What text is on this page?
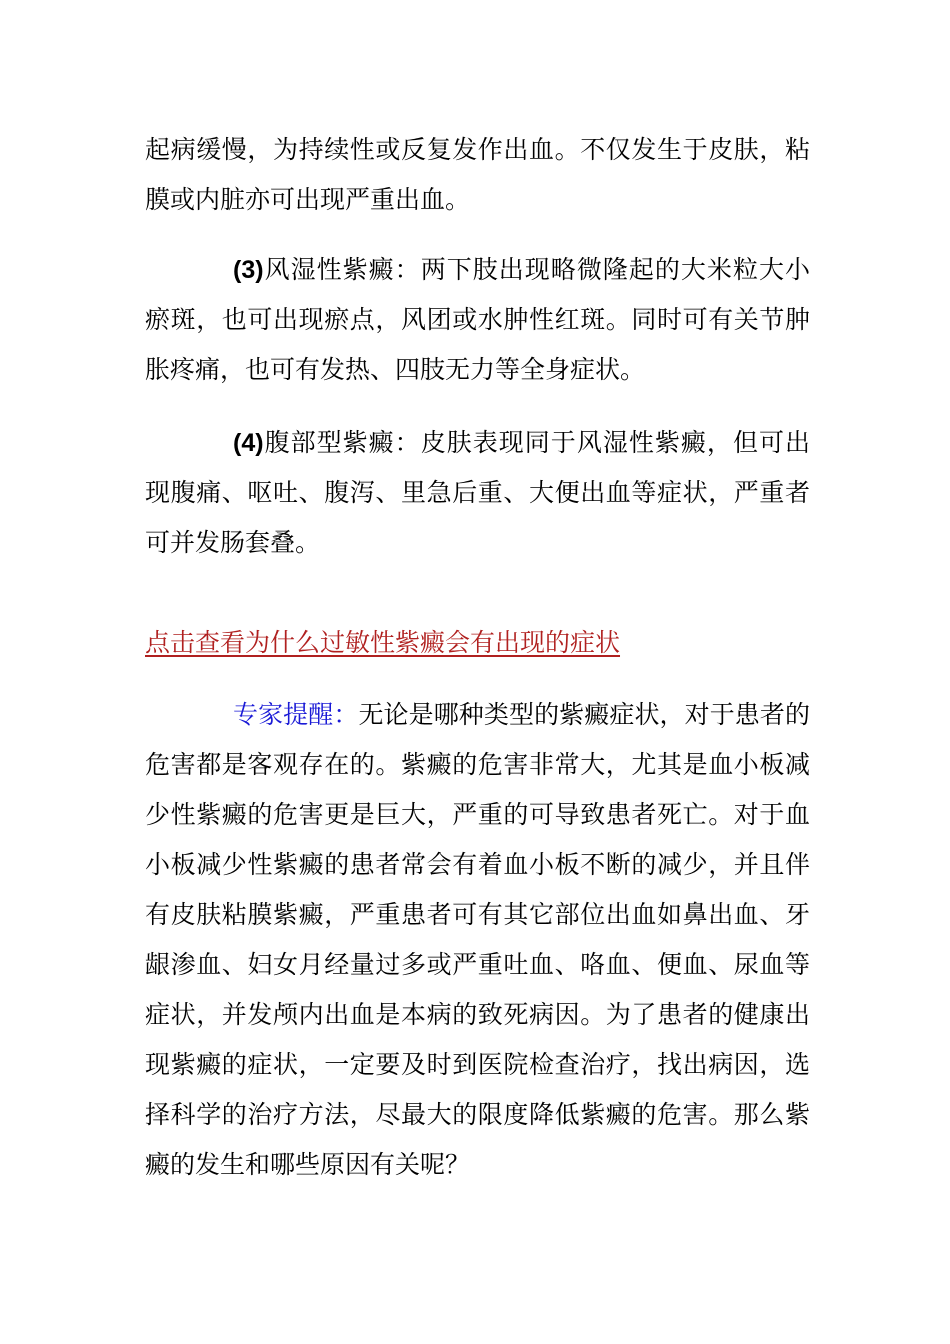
起病缓慢，为持续性或反复发作出血。不仅发生于皮肤，粘膜或内脏亦可出现严重出血。

(3)风湿性紫癜：两下肢出现略微隆起的大米粒大小瘀斑，也可出现瘀点，风团或水肿性红斑。同时可有关节肿胀疼痛，也可有发热、四肢无力等全身症状。

(4)腹部型紫癜：皮肤表现同于风湿性紫癜，但可出现腹痛、呕吐、腹泻、里急后重、大便出血等症状，严重者可并发肠套叠。

点击查看为什么过敏性紫癜会有出现的症状

专家提醒：无论是哪种类型的紫癜症状，对于患者的危害都是客观存在的。紫癜的危害非常大，尤其是血小板减少性紫癜的危害更是巨大，严重的可导致患者死亡。对于血小板减少性紫癜的患者常会有着血小板不断的减少，并且伴有皮肤粘膜紫癜，严重患者可有其它部位出血如鼻出血、牙龈渗血、妇女月经量过多或严重吐血、咯血、便血、尿血等症状，并发颅内出血是本病的致死病因。为了患者的健康出现紫癜的症状，一定要及时到医院检查治疗，找出病因，选择科学的治疗方法，尽最大的限度降低紫癜的危害。那么紫癜的发生和哪些原因有关呢？
